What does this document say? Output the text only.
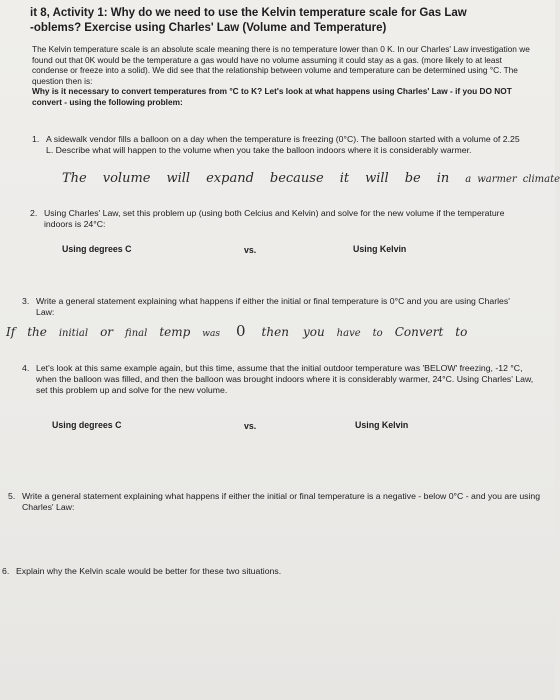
it 8, Activity 1: Why do we need to use the Kelvin temperature scale for Gas Law
-oblems? Exercise using Charles' Law (Volume and Temperature)
The Kelvin temperature scale is an absolute scale meaning there is no temperature lower than 0 K. In our Charles' Law investigation we found out that 0K would be the temperature a gas would have no volume assuming it could stay as a gas. (more likely to at least condense or freeze into a solid). We did see that the relationship between volume and temperature can be determined using °C. The question then is:
Why is it necessary to convert temperatures from °C to K? Let's look at what happens using Charles' Law - if you DO NOT convert - using the following problem:
1. A sidewalk vendor fills a balloon on a day when the temperature is freezing (0°C). The balloon started with a volume of 2.25 L. Describe what will happen to the volume when you take the balloon indoors where it is considerably warmer.
The volume will expand because it will be in a warmer climate
2. Using Charles' Law, set this problem up (using both Celcius and Kelvin) and solve for the new volume if the temperature indoors is 24°C:
Using degrees C	vs.	Using Kelvin
3. Write a general statement explaining what happens if either the initial or final temperature is 0°C and you are using Charles' Law:
If the initial or final temp was 0 then you have to Convert to
4. Let's look at this same example again, but this time, assume that the initial outdoor temperature was 'BELOW' freezing, -12 °C, when the balloon was filled, and then the balloon was brought indoors where it is considerably warmer, 24°C. Using Charles' Law, set this problem up and solve for the new volume.
Using degrees C	vs.	Using Kelvin
5. Write a general statement explaining what happens if either the initial or final temperature is a negative - below 0°C - and you are using Charles' Law:
6. Explain why the Kelvin scale would be better for these two situations.
